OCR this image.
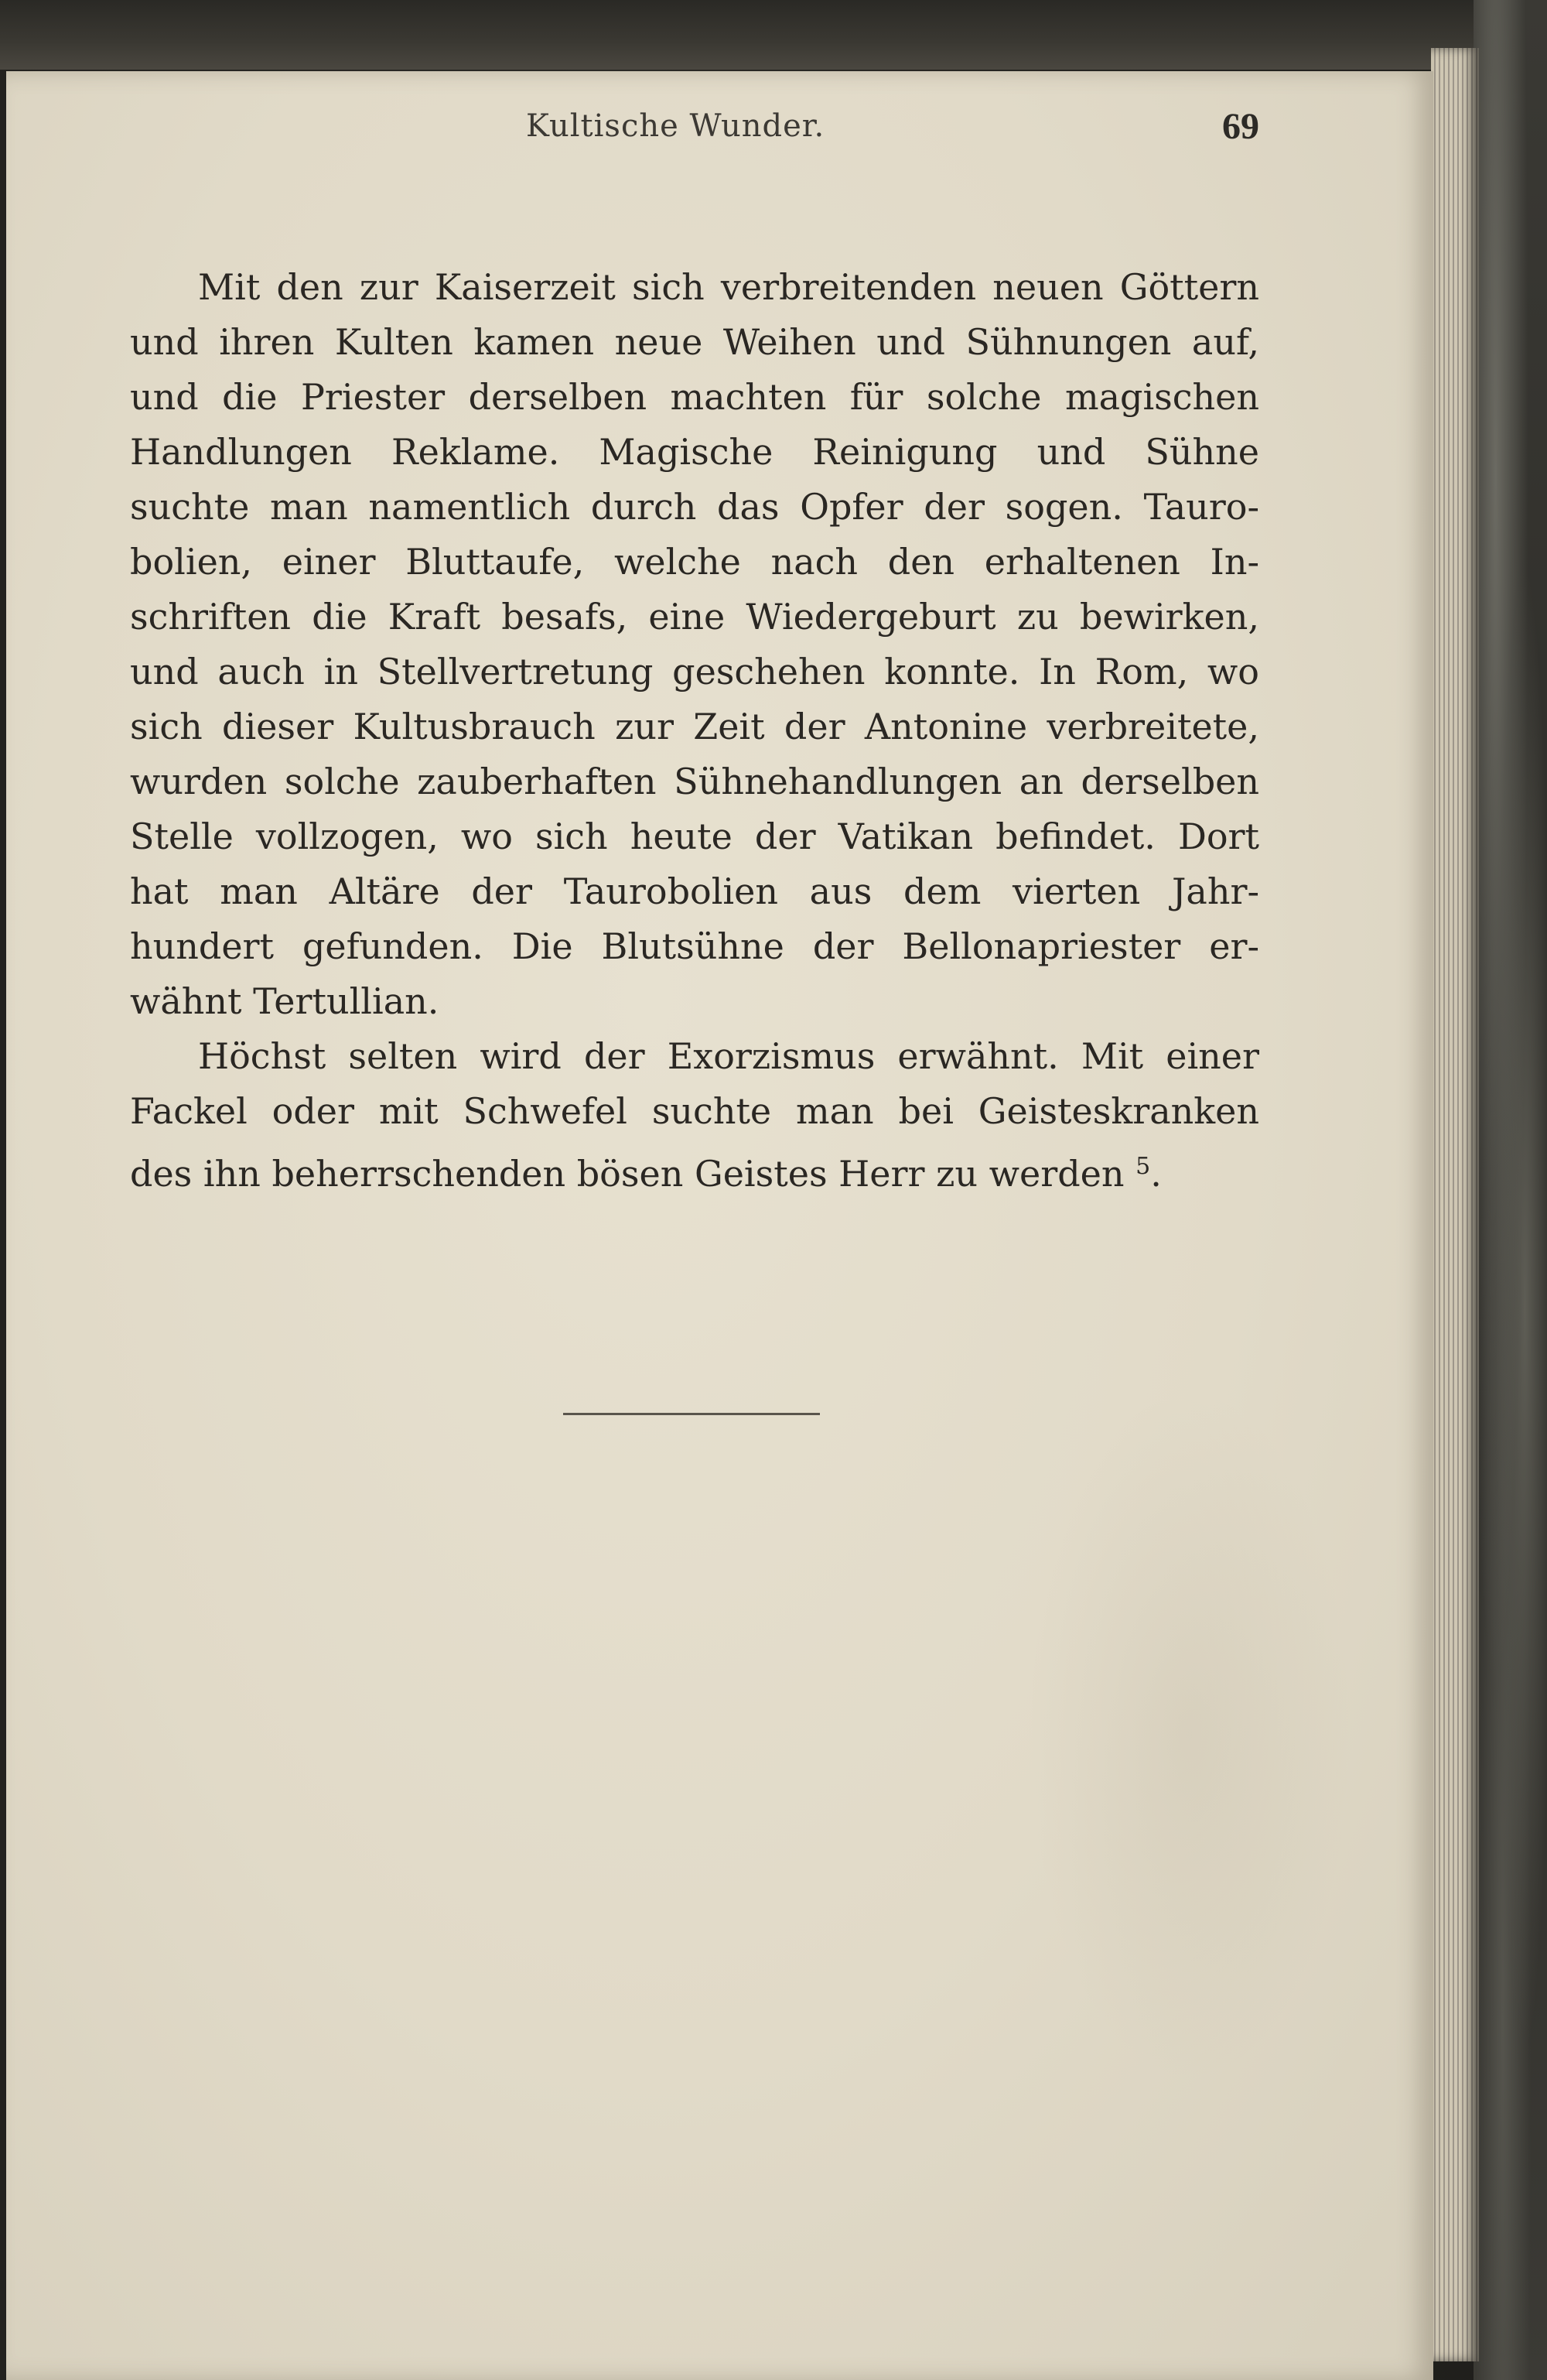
Kultische Wunder.	69

Mit den zur Kaiserzeit sich verbreitenden neuen Göttern
und ihren Kulten kamen neue Weihen und Sühnungen auf,
und die Priester derselben machten für solche magischen
Handlungen Reklame. Magische Reinigung und Sühne
suchte man namentlich durch das Opfer der sogen. Tauro-
bolien, einer Bluttaufe, welche nach den erhaltenen In-
schriften die Kraft besafs, eine Wiedergeburt zu bewirken,
und auch in Stellvertretung geschehen konnte. In Rom, wo
sich dieser Kultusbrauch zur Zeit der Antonine verbreitete,
wurden solche zauberhaften Sühnehandlungen an derselben
Stelle vollzogen, wo sich heute der Vatikan befindet. Dort
hat man Altäre der Taurobolien aus dem vierten Jahr-
hundert gefunden. Die Blutsühne der Bellonapriester er-
wähnt Tertullian.

Höchst selten wird der Exorzismus erwähnt. Mit einer
Fackel oder mit Schwefel suchte man bei Geisteskranken
des ihn beherrschenden bösen Geistes Herr zu werden $^5$.
